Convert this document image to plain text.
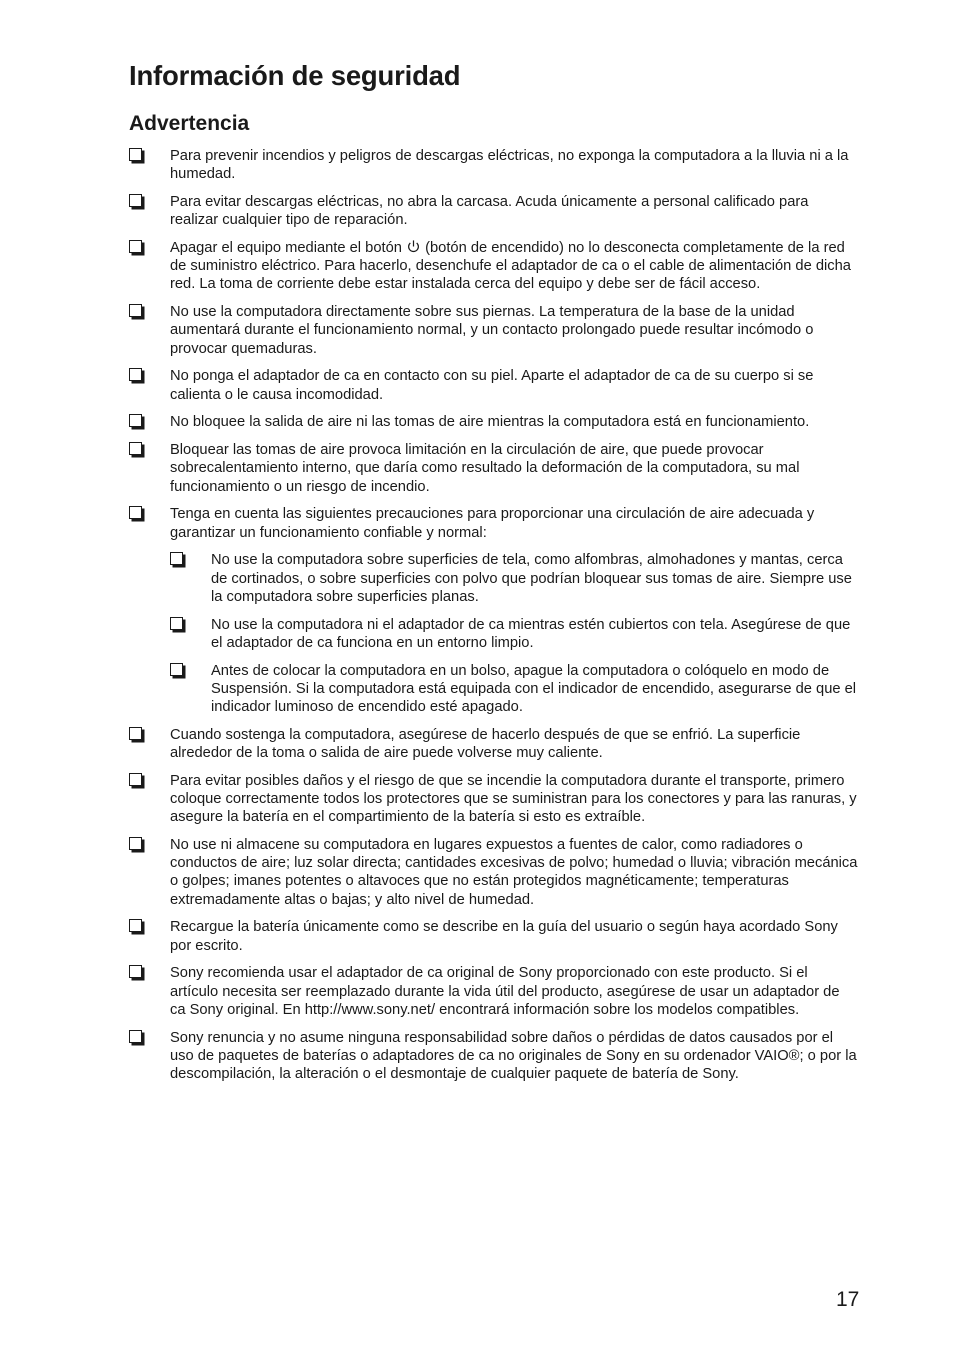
Información de seguridad
Advertencia
Para prevenir incendios y peligros de descargas eléctricas, no exponga la computadora a la lluvia ni a la humedad.
Para evitar descargas eléctricas, no abra la carcasa. Acuda únicamente a personal calificado para realizar cualquier tipo de reparación.
Apagar el equipo mediante el botón (botón de encendido) no lo desconecta completamente de la red de suministro eléctrico. Para hacerlo, desenchufe el adaptador de ca o el cable de alimentación de dicha red. La toma de corriente debe estar instalada cerca del equipo y debe ser de fácil acceso.
No use la computadora directamente sobre sus piernas. La temperatura de la base de la unidad aumentará durante el funcionamiento normal, y un contacto prolongado puede resultar incómodo o provocar quemaduras.
No ponga el adaptador de ca en contacto con su piel. Aparte el adaptador de ca de su cuerpo si se calienta o le causa incomodidad.
No bloquee la salida de aire ni las tomas de aire mientras la computadora está en funcionamiento.
Bloquear las tomas de aire provoca limitación en la circulación de aire, que puede provocar sobrecalentamiento interno, que daría como resultado la deformación de la computadora, su mal funcionamiento o un riesgo de incendio.
Tenga en cuenta las siguientes precauciones para proporcionar una circulación de aire adecuada y garantizar un funcionamiento confiable y normal:
No use la computadora sobre superficies de tela, como alfombras, almohadones y mantas, cerca de cortinados, o sobre superficies con polvo que podrían bloquear sus tomas de aire. Siempre use la computadora sobre superficies planas.
No use la computadora ni el adaptador de ca mientras estén cubiertos con tela. Asegúrese de que el adaptador de ca funciona en un entorno limpio.
Antes de colocar la computadora en un bolso, apague la computadora o colóquelo en modo de Suspensión. Si la computadora está equipada con el indicador de encendido, asegurarse de que el indicador luminoso de encendido esté apagado.
Cuando sostenga la computadora, asegúrese de hacerlo después de que se enfrió. La superficie alrededor de la toma o salida de aire puede volverse muy caliente.
Para evitar posibles daños y el riesgo de que se incendie la computadora durante el transporte, primero coloque correctamente todos los protectores que se suministran para los conectores y para las ranuras, y asegure la batería en el compartimiento de la batería si esto es extraíble.
No use ni almacene su computadora en lugares expuestos a fuentes de calor, como radiadores o conductos de aire; luz solar directa; cantidades excesivas de polvo; humedad o lluvia; vibración mecánica o golpes; imanes potentes o altavoces que no están protegidos magnéticamente; temperaturas extremadamente altas o bajas; y alto nivel de humedad.
Recargue la batería únicamente como se describe en la guía del usuario o según haya acordado Sony por escrito.
Sony recomienda usar el adaptador de ca original de Sony proporcionado con este producto. Si el artículo necesita ser reemplazado durante la vida útil del producto, asegúrese de usar un adaptador de ca Sony original. En http://www.sony.net/ encontrará información sobre los modelos compatibles.
Sony renuncia y no asume ninguna responsabilidad sobre daños o pérdidas de datos causados por el uso de paquetes de baterías o adaptadores de ca no originales de Sony en su ordenador VAIO®; o por la descompilación, la alteración o el desmontaje de cualquier paquete de batería de Sony.
17
